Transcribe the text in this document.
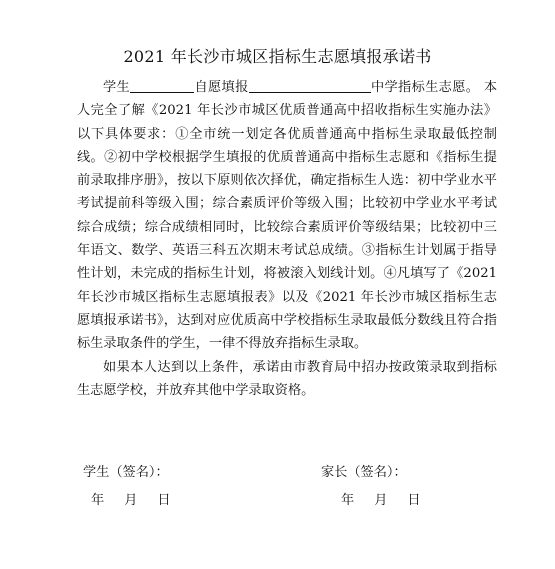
2021 年长沙市城区指标生志愿填报承诺书

学生	自愿填报	中学指标生志愿。 本人完全了解《2021 年长沙市城区优质普通高中招收指标生实施办法》以下具体要求：①全市统一划定各优质普通高中指标生录取最低控制线。②初中学校根据学生填报的优质普通高中指标生志愿和《指标生提前录取排序册》，按以下原则依次择优，确定指标生人选：初中学业水平考试提前科等级入围；综合素质评价等级入围；比较初中学业水平考试综合成绩；综合成绩相同时，比较综合素质评价等级结果；比较初中三年语文、数学、英语三科五次期末考试总成绩。③指标生计划属于指导性计划，未完成的指标生计划，将被滚入划线计划。④凡填写了《2021 年长沙市城区指标生志愿填报表》以及《2021 年长沙市城区指标生志愿填报承诺书》，达到对应优质高中学校指标生录取最低分数线且符合指标生录取条件的学生，一律不得放弃指标生录取。

如果本人达到以上条件，承诺由市教育局中招办按政策录取到指标生志愿学校，并放弃其他中学录取资格。

学生（签名）：	家长（签名）：
年 月 日	年 月 日
